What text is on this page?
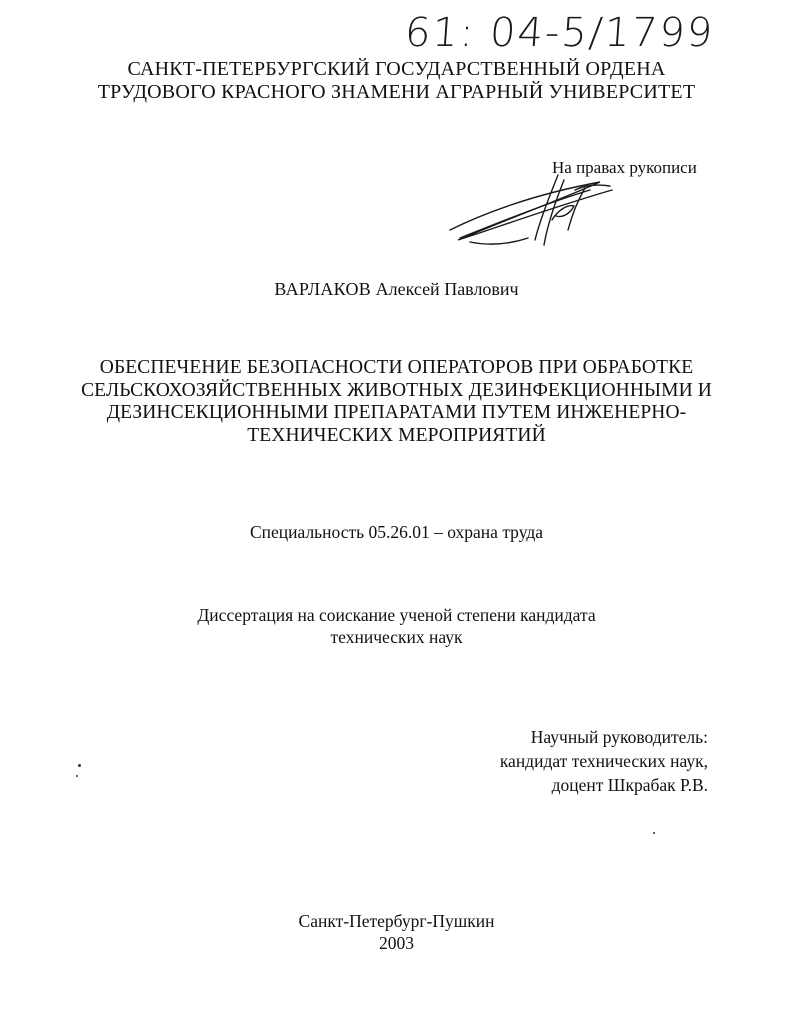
61: 04-5/1799
САНКТ-ПЕТЕРБУРГСКИЙ ГОСУДАРСТВЕННЫЙ ОРДЕНА
ТРУДОВОГО КРАСНОГО ЗНАМЕНИ АГРАРНЫЙ УНИВЕРСИТЕТ
На правах рукописи
ВАРЛАКОВ Алексей Павлович
ОБЕСПЕЧЕНИЕ БЕЗОПАСНОСТИ ОПЕРАТОРОВ ПРИ ОБРАБОТКЕ
СЕЛЬСКОХОЗЯЙСТВЕННЫХ ЖИВОТНЫХ ДЕЗИНФЕКЦИОННЫМИ И
ДЕЗИНСЕКЦИОННЫМИ ПРЕПАРАТАМИ ПУТЕМ ИНЖЕНЕРНО-
ТЕХНИЧЕСКИХ МЕРОПРИЯТИЙ
Специальность 05.26.01 – охрана труда
Диссертация на соискание ученой степени кандидата
технических наук
Научный руководитель:
кандидат технических наук,
доцент Шкрабак Р.В.
Санкт-Петербург-Пушкин
2003
